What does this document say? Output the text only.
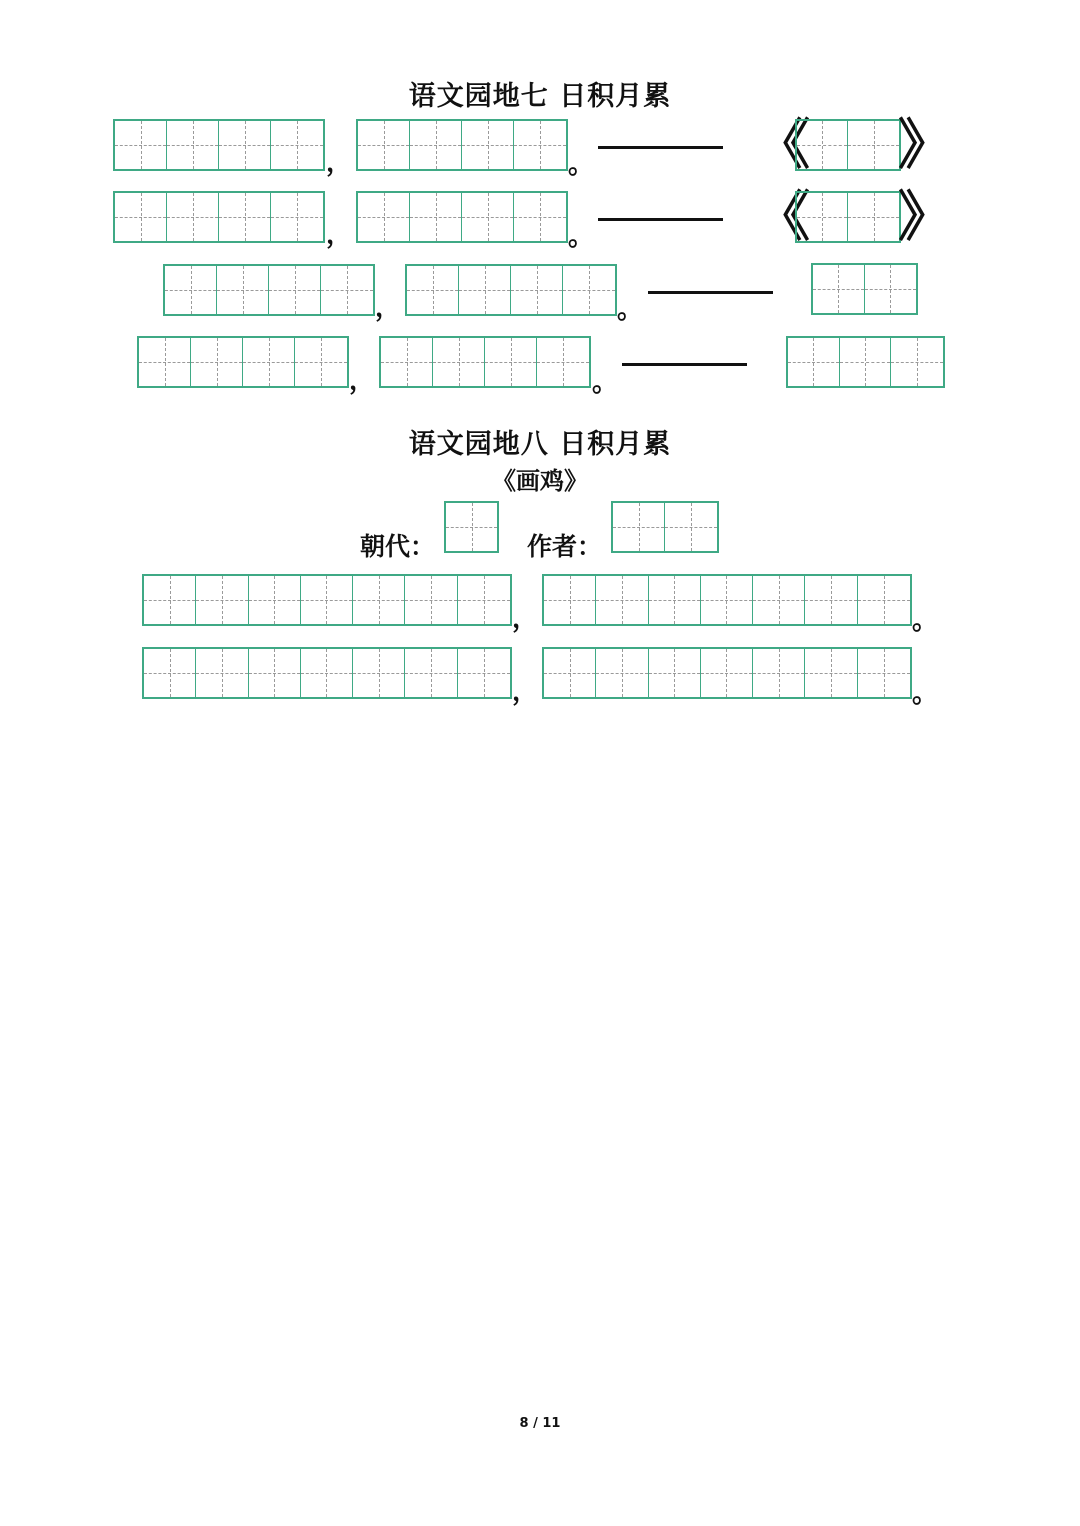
语文园地七 日积月累
，	。	《 》
，	。	《 》
，	。
，	。
语文园地八 日积月累
《画鸡》
朝代：	作者：
，	。
，	。
8 / 11
